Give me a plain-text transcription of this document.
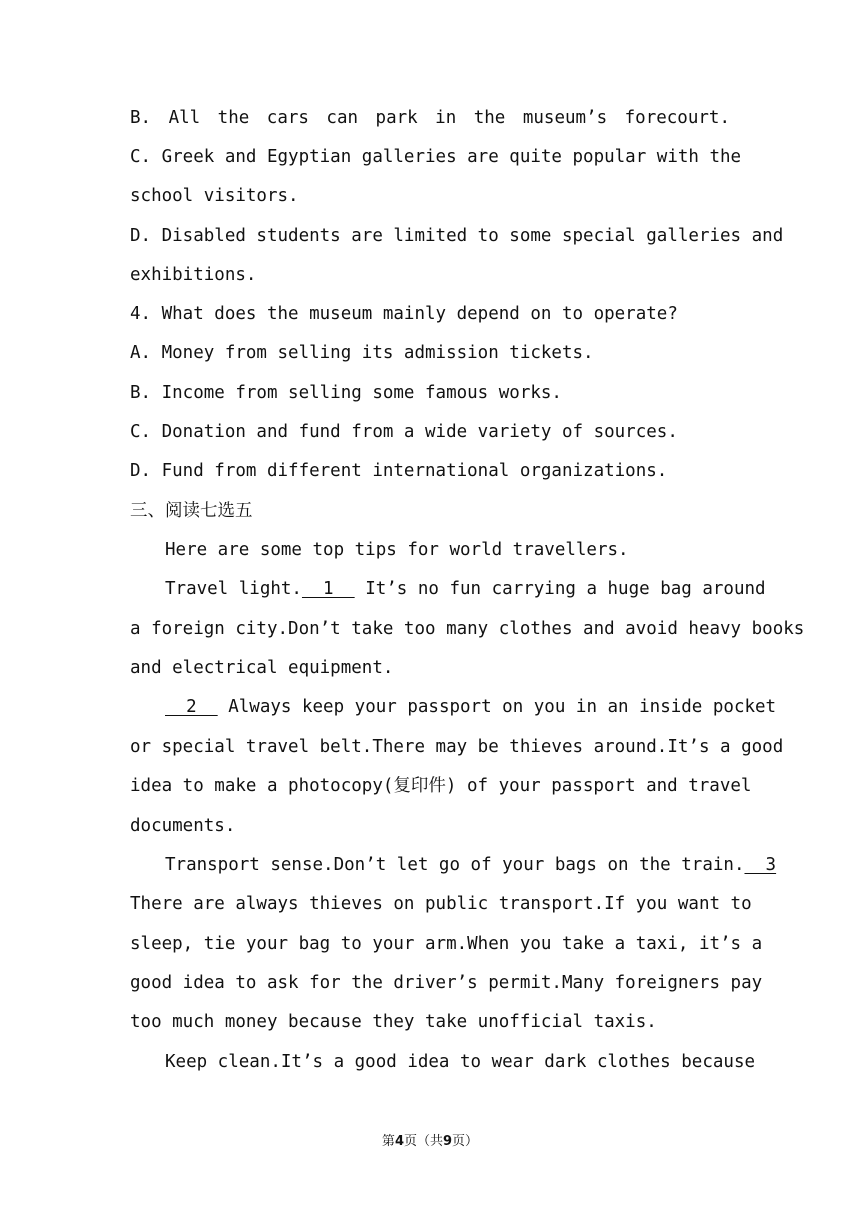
B. All the cars can park in the museum’s forecourt.
C. Greek and Egyptian galleries are quite popular with the
school visitors.
D. Disabled students are limited to some special galleries and
exhibitions.
4. What does the museum mainly depend on to operate?
A. Money from selling its admission tickets.
B. Income from selling some famous works.
C. Donation and fund from a wide variety of sources.
D. Fund from different international organizations.
三、阅读七选五
Here are some top tips for world travellers.
Travel light.  1   It’s no fun carrying a huge bag around
a foreign city.Don’t take too many clothes and avoid heavy books
and electrical equipment.
2   Always keep your passport on you in an inside pocket
or special travel belt.There may be thieves around.It’s a good
idea to make a photocopy(复印件) of your passport and travel
documents.
Transport sense.Don’t let go of your bags on the train.  3
There are always thieves on public transport.If you want to
sleep, tie your bag to your arm.When you take a taxi, it’s a
good idea to ask for the driver’s permit.Many foreigners pay
too much money because they take unofficial taxis.
Keep clean.It’s a good idea to wear dark clothes because
第4页（共9页）
